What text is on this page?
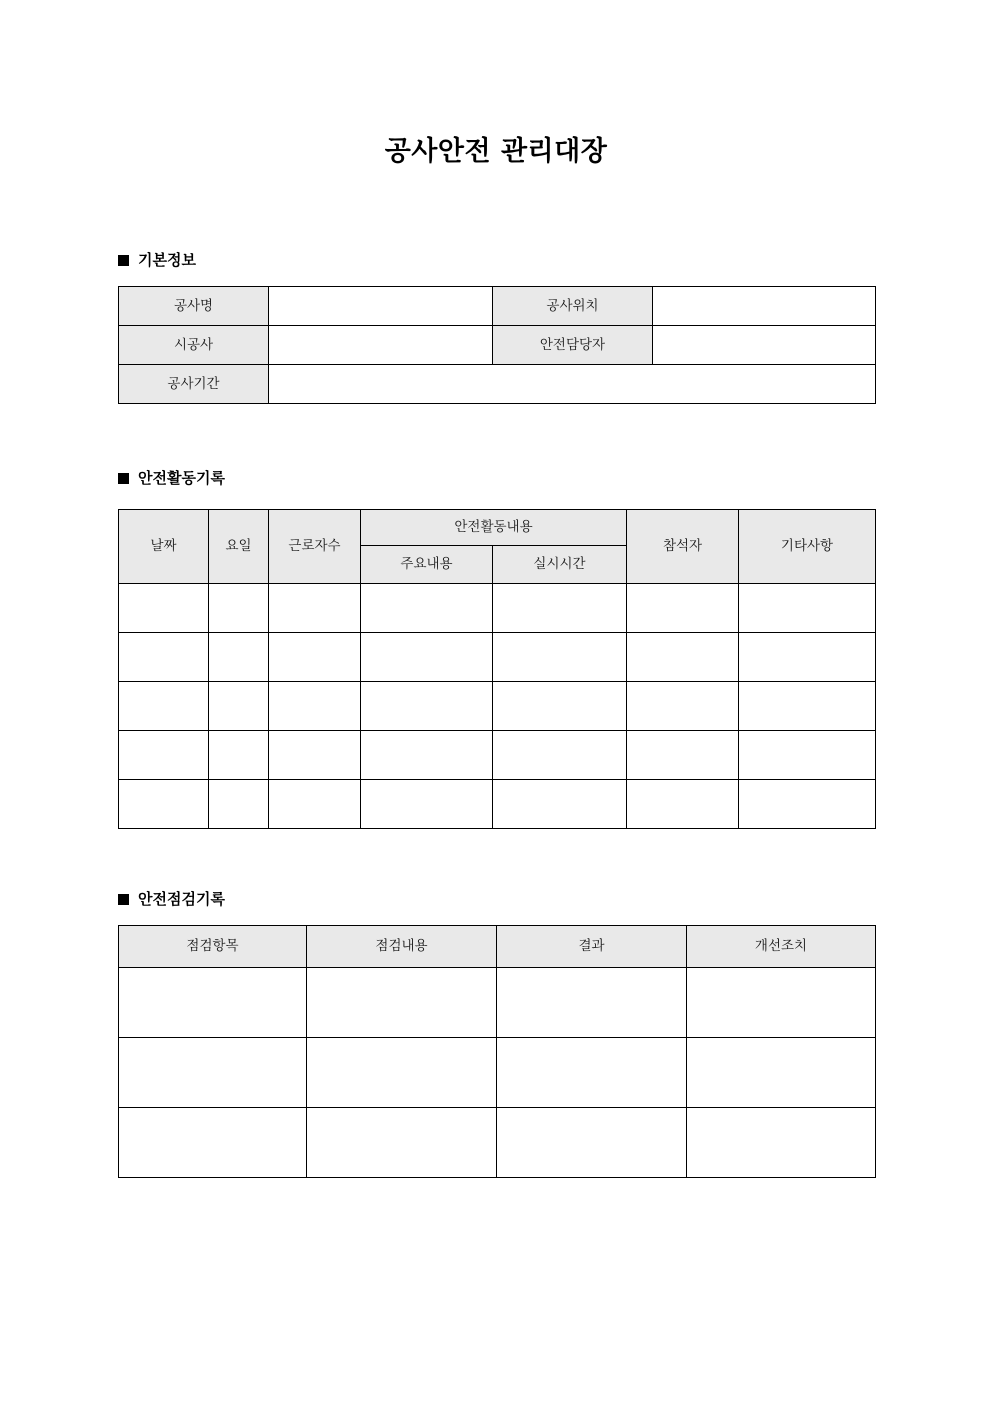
공사안전 관리대장
기본정보
공사명		공사위치	
시공사		안전담당자	
공사기간			
안전활동기록
날짜	요일	근로자수	안전활동내용		참석자	기타사항
			주요내용	실시시간		

안전점검기록
점검항목	점검내용	결과	개선조치
